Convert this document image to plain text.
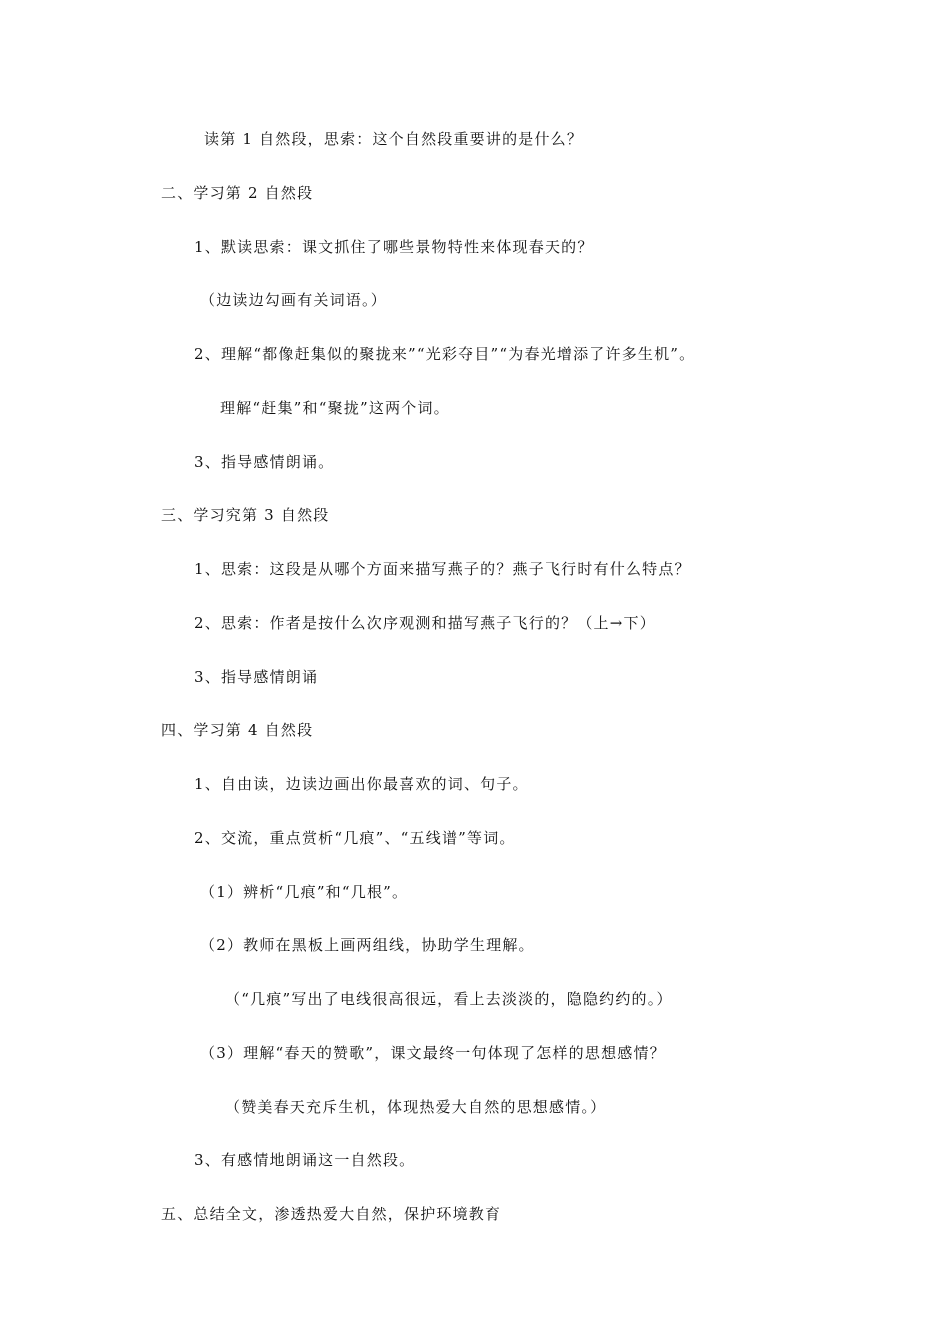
读第 1 自然段，思索：这个自然段重要讲的是什么？
二、学习第 2 自然段
1、默读思索：课文抓住了哪些景物特性来体现春天的？
（边读边勾画有关词语。）
2、理解“都像赶集似的聚拢来”“光彩夺目”“为春光增添了许多生机”。
理解“赶集”和“聚拢”这两个词。
3、指导感情朗诵。
三、学习究第 3 自然段
1、思索：这段是从哪个方面来描写燕子的？燕子飞行时有什么特点？
2、思索：作者是按什么次序观测和描写燕子飞行的？（上→下）
3、指导感情朗诵
四、学习第 4 自然段
1、自由读，边读边画出你最喜欢的词、句子。
2、交流，重点赏析“几痕”、“五线谱”等词。
（1）辨析“几痕”和“几根”。
（2）教师在黑板上画两组线，协助学生理解。
（“几痕”写出了电线很高很远，看上去淡淡的，隐隐约约的。）
（3）理解“春天的赞歌”，课文最终一句体现了怎样的思想感情？
（赞美春天充斥生机，体现热爱大自然的思想感情。）
3、有感情地朗诵这一自然段。
五、总结全文，渗透热爱大自然，保护环境教育
